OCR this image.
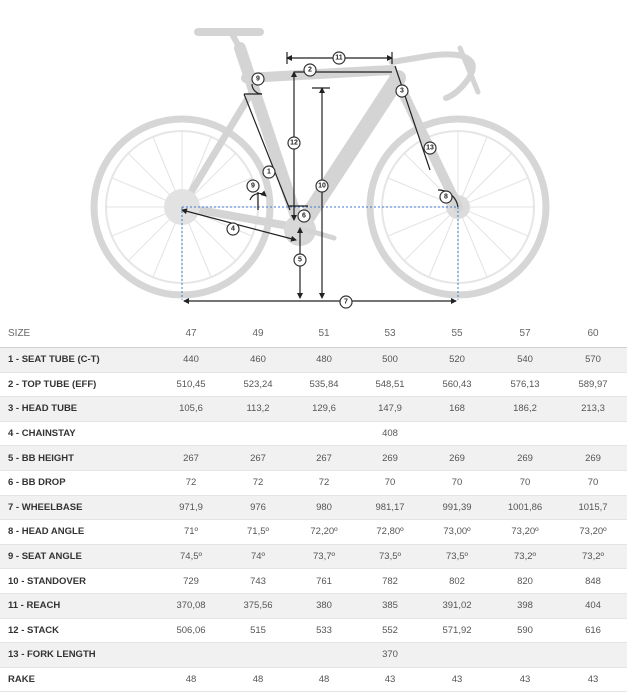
1
2
3
4
5
6
7
8
9
9	10
11
12
13
SIZE	47	49	51	53	55	57	60
1 - SEAT TUBE (C-T)	440	460	480	500	520	540	570
2 - TOP TUBE (EFF)	510,45	523,24	535,84	548,51	560,43	576,13	589,97
3 - HEAD TUBE	105,6	113,2	129,6	147,9	168	186,2	213,3
4 - CHAINSTAY				408			
5 - BB HEIGHT	267	267	267	269	269	269	269
6 - BB DROP	72	72	72	70	70	70	70
7 - WHEELBASE	971,9	976	980	981,17	991,39	1001,86	1015,7
8 - HEAD ANGLE	71º	71,5º	72,20º	72,80º	73,00º	73,20º	73,20º
9 - SEAT ANGLE	74,5º	74º	73,7º	73,5º	73,5º	73,2º	73,2º
10 - STANDOVER	729	743	761	782	802	820	848
11 - REACH	370,08	375,56	380	385	391,02	398	404
12 - STACK	506,06	515	533	552	571,92	590	616
13 - FORK LENGTH				370			
RAKE	48	48	48	43	43	43	43
